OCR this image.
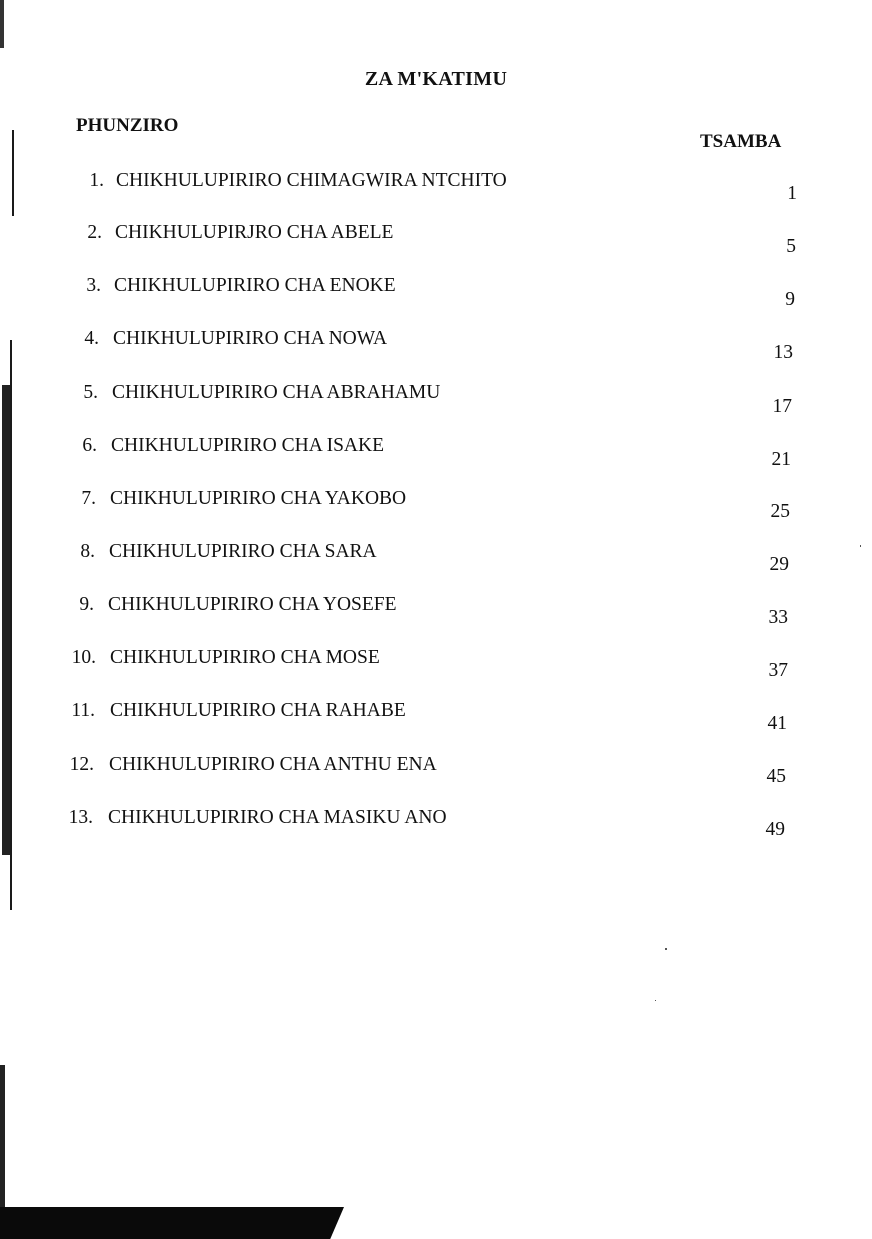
ZA M'KATIMU
PHUNZIRO
TSAMBA
1. CHIKHULUPIRIRO CHIMAGWIRA NTCHITO
1
2. CHIKHULUPIRJRO CHA ABELE
5
3. CHIKHULUPIRIRO CHA ENOKE
9
4. CHIKHULUPIRIRO CHA NOWA
13
5. CHIKHULUPIRIRO CHA ABRAHAMU
17
6. CHIKHULUPIRIRO CHA ISAKE
21
7. CHIKHULUPIRIRO CHA YAKOBO
25
8. CHIKHULUPIRIRO CHA SARA
29
9. CHIKHULUPIRIRO CHA YOSEFE
33
10. CHIKHULUPIRIRO CHA MOSE
37
11. CHIKHULUPIRIRO CHA RAHABE
41
12. CHIKHULUPIRIRO CHA ANTHU ENA
45
13. CHIKHULUPIRIRO CHA MASIKU ANO
49
